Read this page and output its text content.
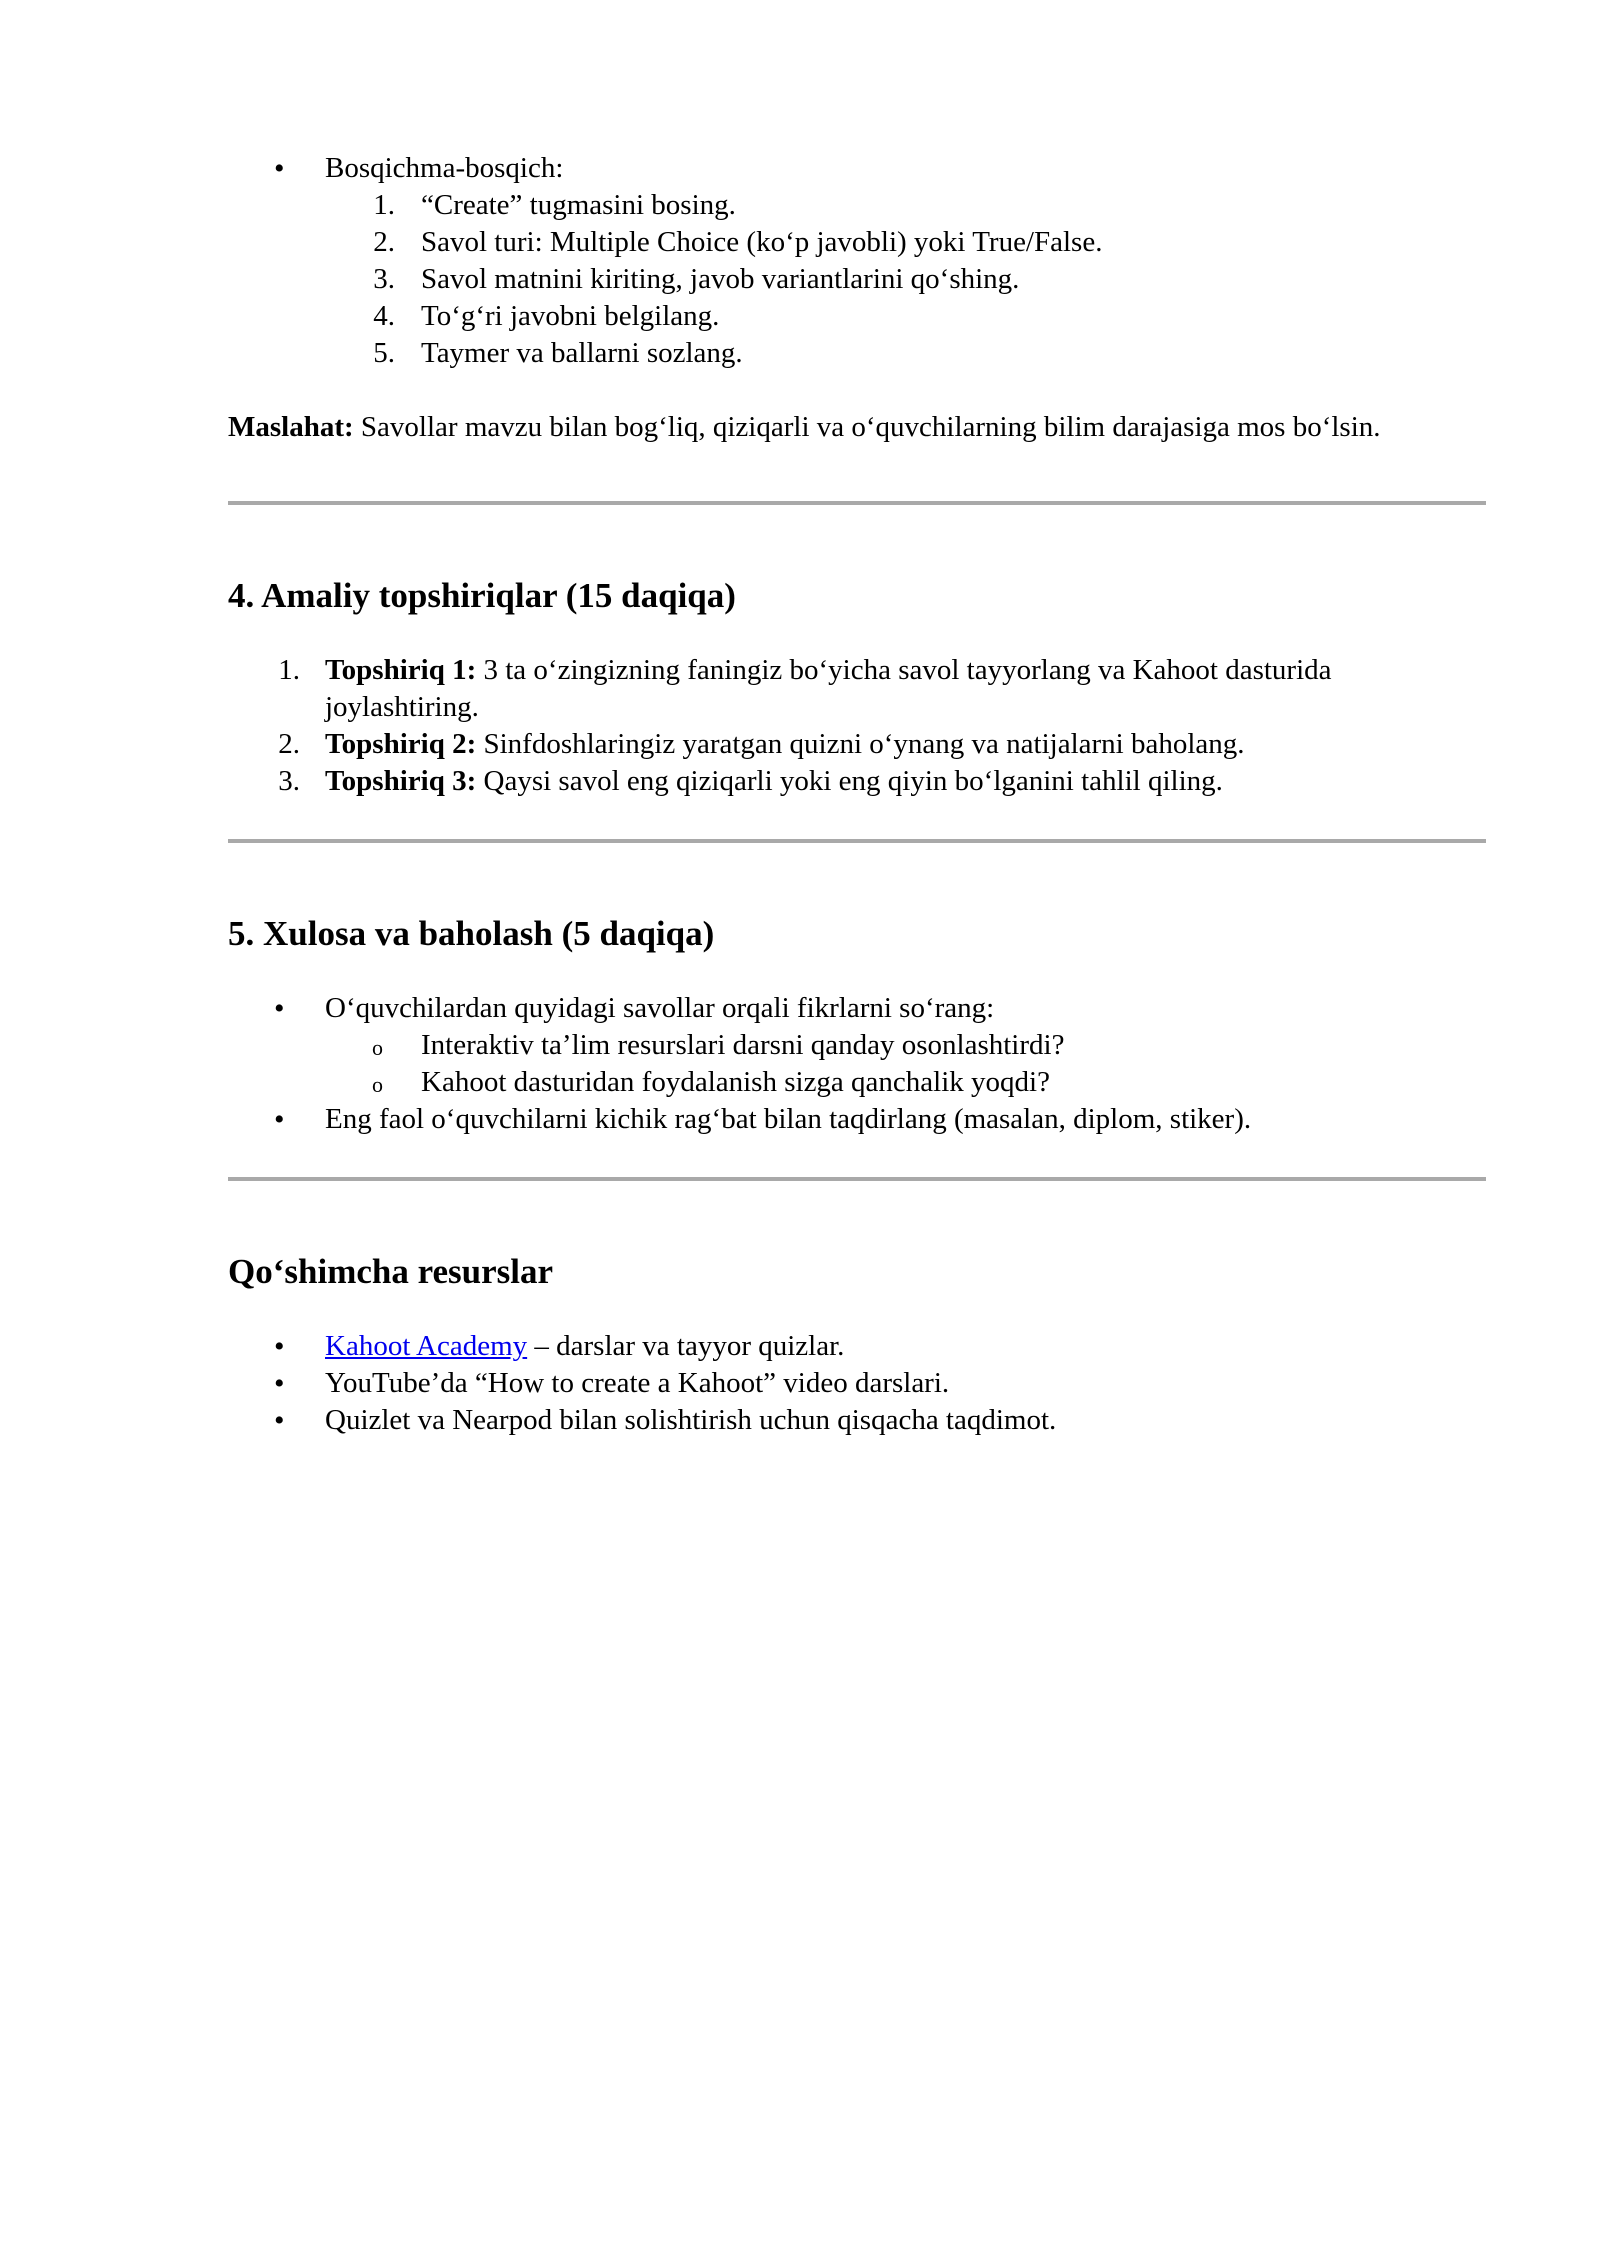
• Bosqichma-bosqich:
1. “Create” tugmasini bosing.
2. Savol turi: Multiple Choice (ko‘p javobli) yoki True/False.
3. Savol matnini kiriting, javob variantlarini qo‘shing.
4. To‘g‘ri javobni belgilang.
5. Taymer va ballarni sozlang.

Maslahat: Savollar mavzu bilan bog‘liq, qiziqarli va o‘quvchilarning bilim darajasiga mos bo‘lsin.

4. Amaliy topshiriqlar (15 daqiqa)
1. Topshiriq 1: 3 ta o‘zingizning faningiz bo‘yicha savol tayyorlang va Kahoot dasturida joylashtiring.
2. Topshiriq 2: Sinfdoshlaringiz yaratgan quizni o‘ynang va natijalarni baholang.
3. Topshiriq 3: Qaysi savol eng qiziqarli yoki eng qiyin bo‘lganini tahlil qiling.
5. Xulosa va baholash (5 daqiqa)
• O‘quvchilardan quyidagi savollar orqali fikrlarni so‘rang:
o Interaktiv ta’lim resurslari darsni qanday osonlashtirdi?
o Kahoot dasturidan foydalanish sizga qanchalik yoqdi?
• Eng faol o‘quvchilarni kichik rag‘bat bilan taqdirlang (masalan, diplom, stiker).
Qo‘shimcha resurslar
• Kahoot Academy – darslar va tayyor quizlar.
• YouTube’da “How to create a Kahoot” video darslari.
• Quizlet va Nearpod bilan solishtirish uchun qisqacha taqdimot.
